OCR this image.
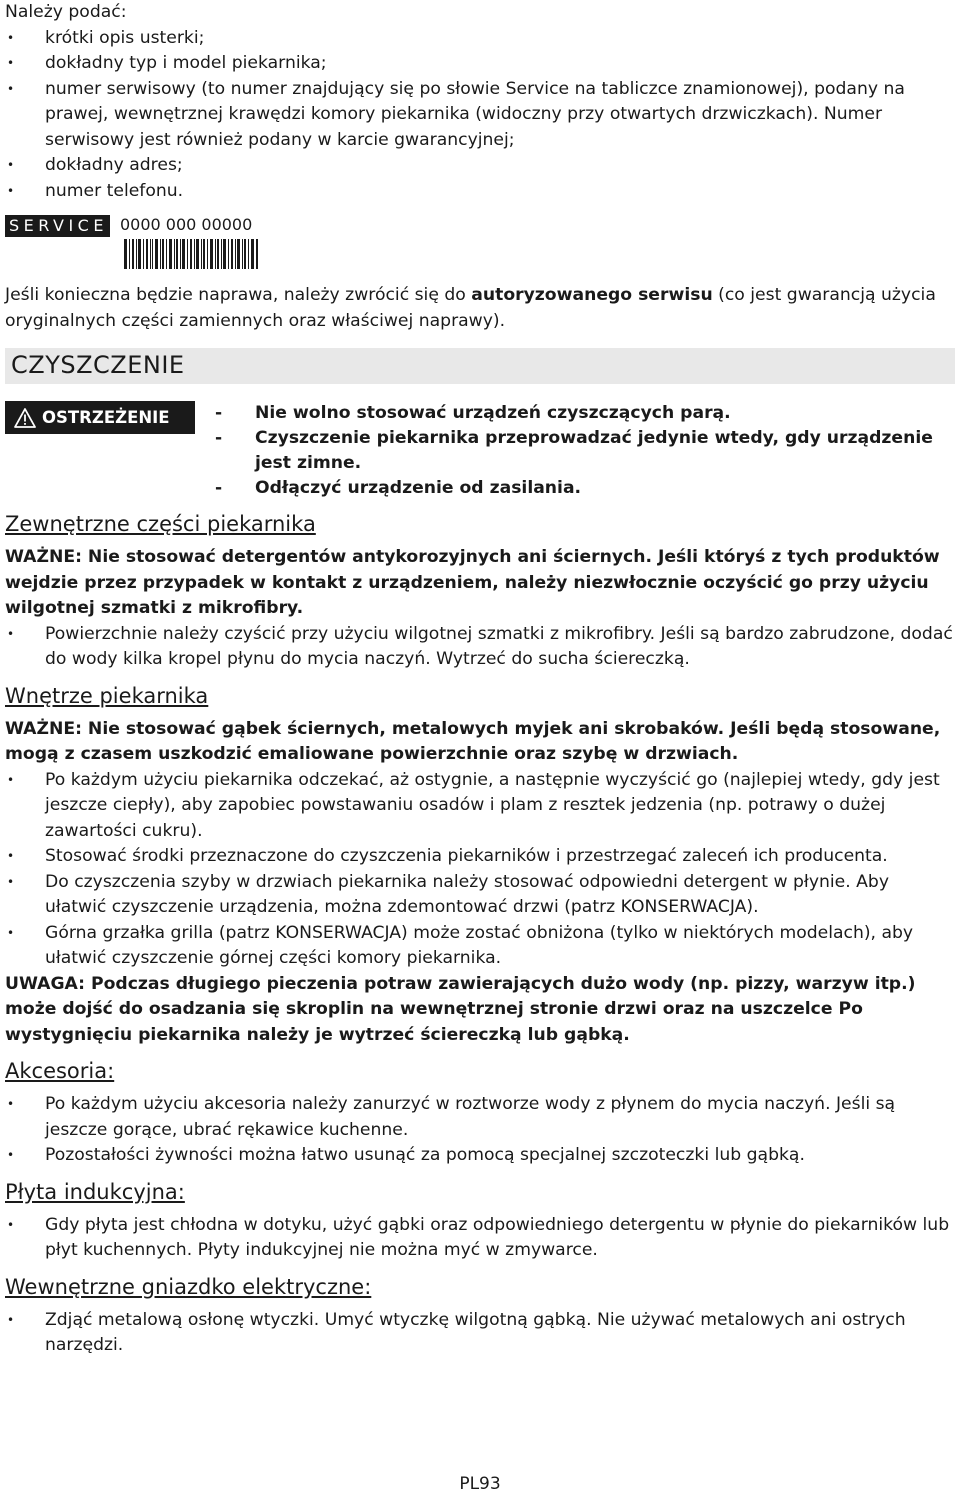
Należy podać:

• krótki opis usterki;
• dokładny typ i model piekarnika;
• numer serwisowy (to numer znajdujący się po słowie Service na tabliczce znamionowej), podany na prawej, wewnętrznej krawędzi komory piekarnika (widoczny przy otwartych drzwiczkach). Numer serwisowy jest również podany w karcie gwarancyjnej;
• dokładny adres;
• numer telefonu.
SERVICE 0000 000 00000

Jeśli konieczna będzie naprawa, należy zwrócić się do autoryzowanego serwisu (co jest gwarancją użycia oryginalnych części zamiennych oraz właściwej naprawy).

CZYSZCZENIE
OSTRZEŻENIE
-	Nie wolno stosować urządzeń czyszczących parą.
- Czyszczenie piekarnika przeprowadzać jedynie wtedy, gdy urządzenie jest zimne.
- Odłączyć urządzenie od zasilania.
Zewnętrzne części piekarnika

WAŻNE: Nie stosować detergentów antykorozyjnych ani ściernych. Jeśli któryś z tych produktów wejdzie przez przypadek w kontakt z urządzeniem, należy niezwłocznie oczyścić go przy użyciu wilgotnej szmatki z mikrofibry.

• Powierzchnie należy czyścić przy użyciu wilgotnej szmatki z mikrofibry. Jeśli są bardzo zabrudzone, dodać do wody kilka kropel płynu do mycia naczyń. Wytrzeć do sucha ściereczką.
Wnętrze piekarnika

WAŻNE: Nie stosować gąbek ściernych, metalowych myjek ani skrobaków. Jeśli będą stosowane, mogą z czasem uszkodzić emaliowane powierzchnie oraz szybę w drzwiach.

• Po każdym użyciu piekarnika odczekać, aż ostygnie, a następnie wyczyścić go (najlepiej wtedy, gdy jest jeszcze ciepły), aby zapobiec powstawaniu osadów i plam z resztek jedzenia (np. potrawy o dużej zawartości cukru).
• Stosować środki przeznaczone do czyszczenia piekarników i przestrzegać zaleceń ich producenta.
• Do czyszczenia szyby w drzwiach piekarnika należy stosować odpowiedni detergent w płynie. Aby ułatwić czyszczenie urządzenia, można zdemontować drzwi (patrz KONSERWACJA).
• Górna grzałka grilla (patrz KONSERWACJA) może zostać obniżona (tylko w niektórych modelach), aby ułatwić czyszczenie górnej części komory piekarnika.

UWAGA: Podczas długiego pieczenia potraw zawierających dużo wody (np. pizzy, warzyw itp.) może dojść do osadzania się skroplin na wewnętrznej stronie drzwi oraz na uszczelce Po wystygnięciu piekarnika należy je wytrzeć ściereczką lub gąbką.

Akcesoria:
• Po każdym użyciu akcesoria należy zanurzyć w roztworze wody z płynem do mycia naczyń. Jeśli są jeszcze gorące, ubrać rękawice kuchenne.
• Pozostałości żywności można łatwo usunąć za pomocą specjalnej szczoteczki lub gąbką.
Płyta indukcyjna:
• Gdy płyta jest chłodna w dotyku, użyć gąbki oraz odpowiedniego detergentu w płynie do piekarników lub płyt kuchennych. Płyty indukcyjnej nie można myć w zmywarce.
Wewnętrzne gniazdko elektryczne:
• Zdjąć metalową osłonę wtyczki. Umyć wtyczkę wilgotną gąbką. Nie używać metalowych ani ostrych narzędzi.
PL93
